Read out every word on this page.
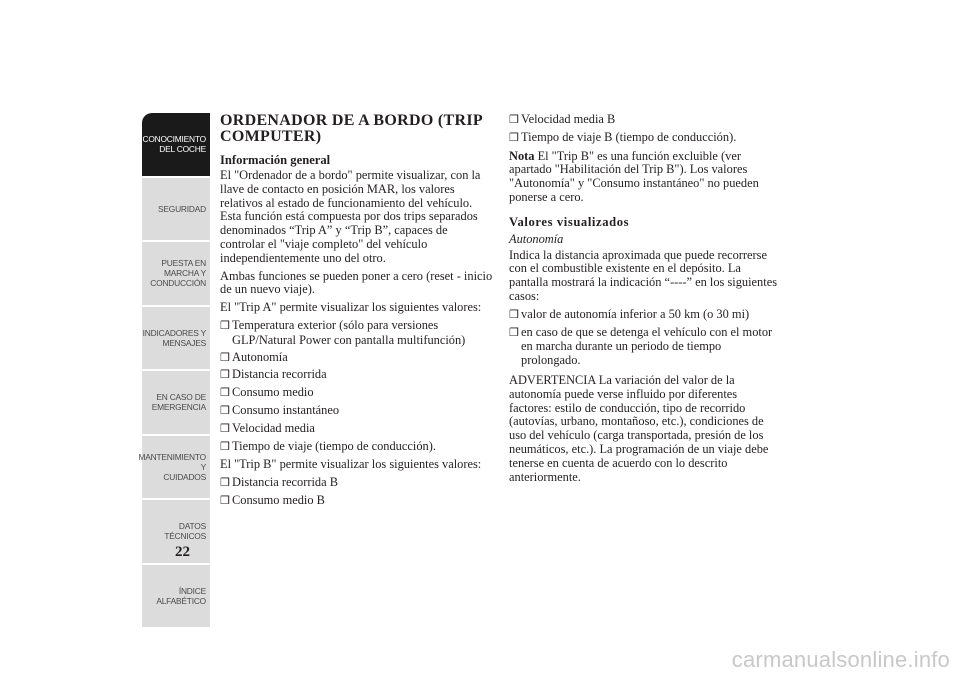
CONOCIMIENTO
DEL COCHE
SEGURIDAD
PUESTA EN
MARCHA Y
CONDUCCIÓN
INDICADORES Y
MENSAJES
EN CASO DE
EMERGENCIA
MANTENIMIENTO Y
CUIDADOS
DATOS TÉCNICOS
ÍNDICE
ALFABÉTICO
22
ORDENADOR DE A BORDO (TRIP COMPUTER)
Información general

El "Ordenador de a bordo" permite visualizar, con la llave de contacto en posición MAR, los valores relativos al estado de funcionamiento del vehículo. Esta función está compuesta por dos trips separados denominados “Trip A” y “Trip B”, capaces de controlar el "viaje completo" del vehículo independientemente uno del otro.

Ambas funciones se pueden poner a cero (reset - inicio de un nuevo viaje).

El "Trip A" permite visualizar los siguientes valores:

❒ Temperatura exterior (sólo para versiones GLP/Natural Power con pantalla multifunción)
❒ Autonomía
❒ Distancia recorrida
❒ Consumo medio
❒ Consumo instantáneo
❒ Velocidad media
❒ Tiempo de viaje (tiempo de conducción).

El "Trip B" permite visualizar los siguientes valores:

❒ Distancia recorrida B
❒ Consumo medio B
❒ Velocidad media B
❒ Tiempo de viaje B (tiempo de conducción).

Nota El "Trip B" es una función excluible (ver apartado "Habilitación del Trip B"). Los valores "Autonomía" y "Consumo instantáneo" no pueden ponerse a cero.

Valores visualizados
Autonomía

Indica la distancia aproximada que puede recorrerse con el combustible existente en el depósito. La pantalla mostrará la indicación “----” en los siguientes casos:

❒ valor de autonomía inferior a 50 km (o 30 mi)
❒ en caso de que se detenga el vehículo con el motor en marcha durante un periodo de tiempo prolongado.

ADVERTENCIA La variación del valor de la autonomía puede verse influido por diferentes factores: estilo de conducción, tipo de recorrido (autovías, urbano, montañoso, etc.), condiciones de uso del vehículo (carga transportada, presión de los neumáticos, etc.). La programación de un viaje debe tenerse en cuenta de acuerdo con lo descrito anteriormente.

carmanualsonline.info
